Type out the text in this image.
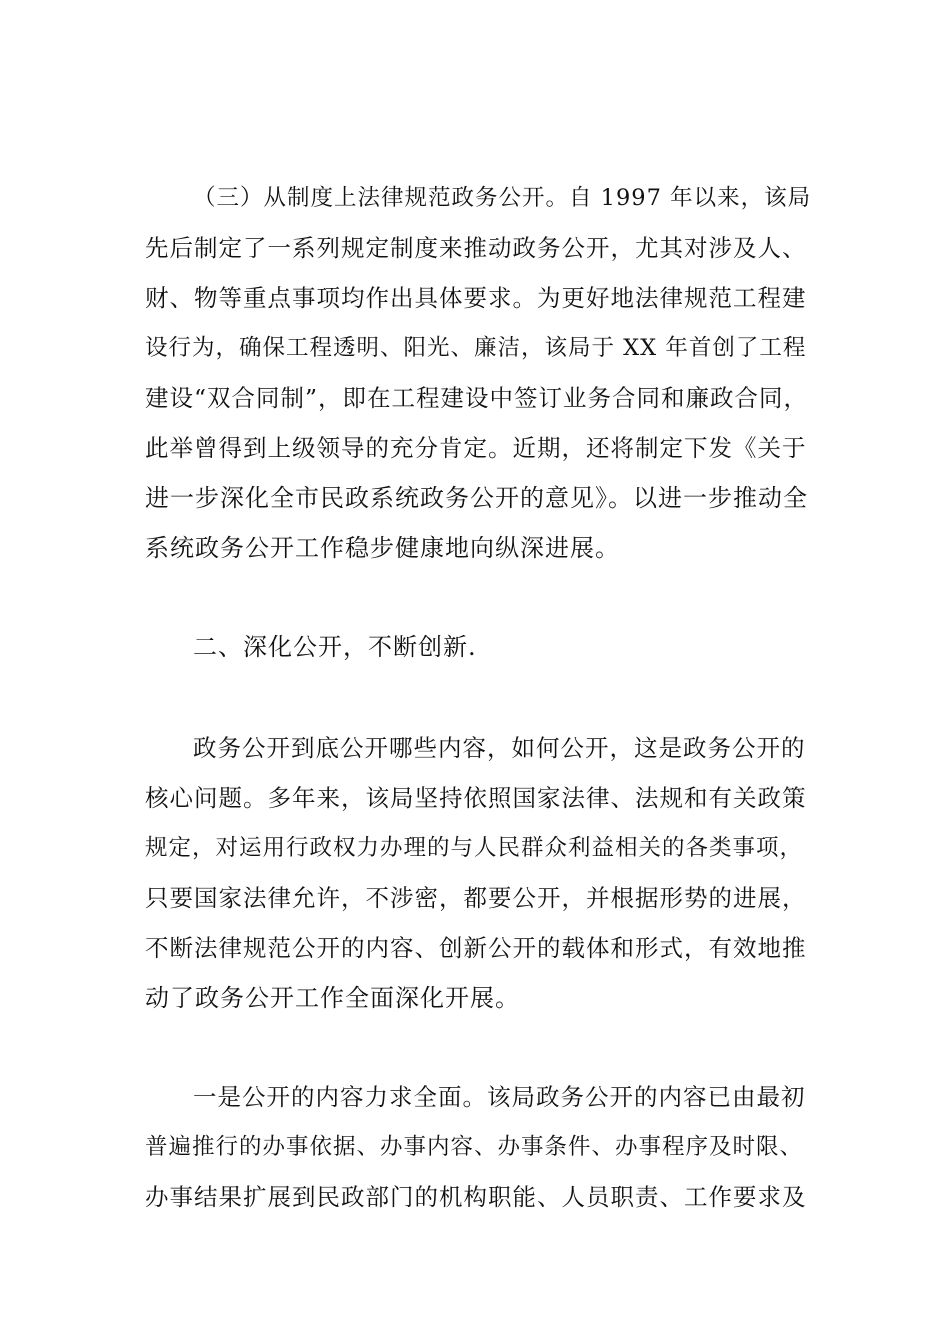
（三）从制度上法律规范政务公开。自 1997 年以来，该局
先后制定了一系列规定制度来推动政务公开，尤其对涉及人、
财、物等重点事项均作出具体要求。为更好地法律规范工程建
设行为，确保工程透明、阳光、廉洁，该局于 XX 年首创了工程
建设“双合同制”，即在工程建设中签订业务合同和廉政合同，
此举曾得到上级领导的充分肯定。近期，还将制定下发《关于
进一步深化全市民政系统政务公开的意见》。以进一步推动全
系统政务公开工作稳步健康地向纵深进展。
二、深化公开，不断创新.
政务公开到底公开哪些内容，如何公开，这是政务公开的
核心问题。多年来，该局坚持依照国家法律、法规和有关政策
规定，对运用行政权力办理的与人民群众利益相关的各类事项，
只要国家法律允许，不涉密，都要公开，并根据形势的进展，
不断法律规范公开的内容、创新公开的载体和形式，有效地推
动了政务公开工作全面深化开展。
一是公开的内容力求全面。该局政务公开的内容已由最初
普遍推行的办事依据、办事内容、办事条件、办事程序及时限、
办事结果扩展到民政部门的机构职能、人员职责、工作要求及
